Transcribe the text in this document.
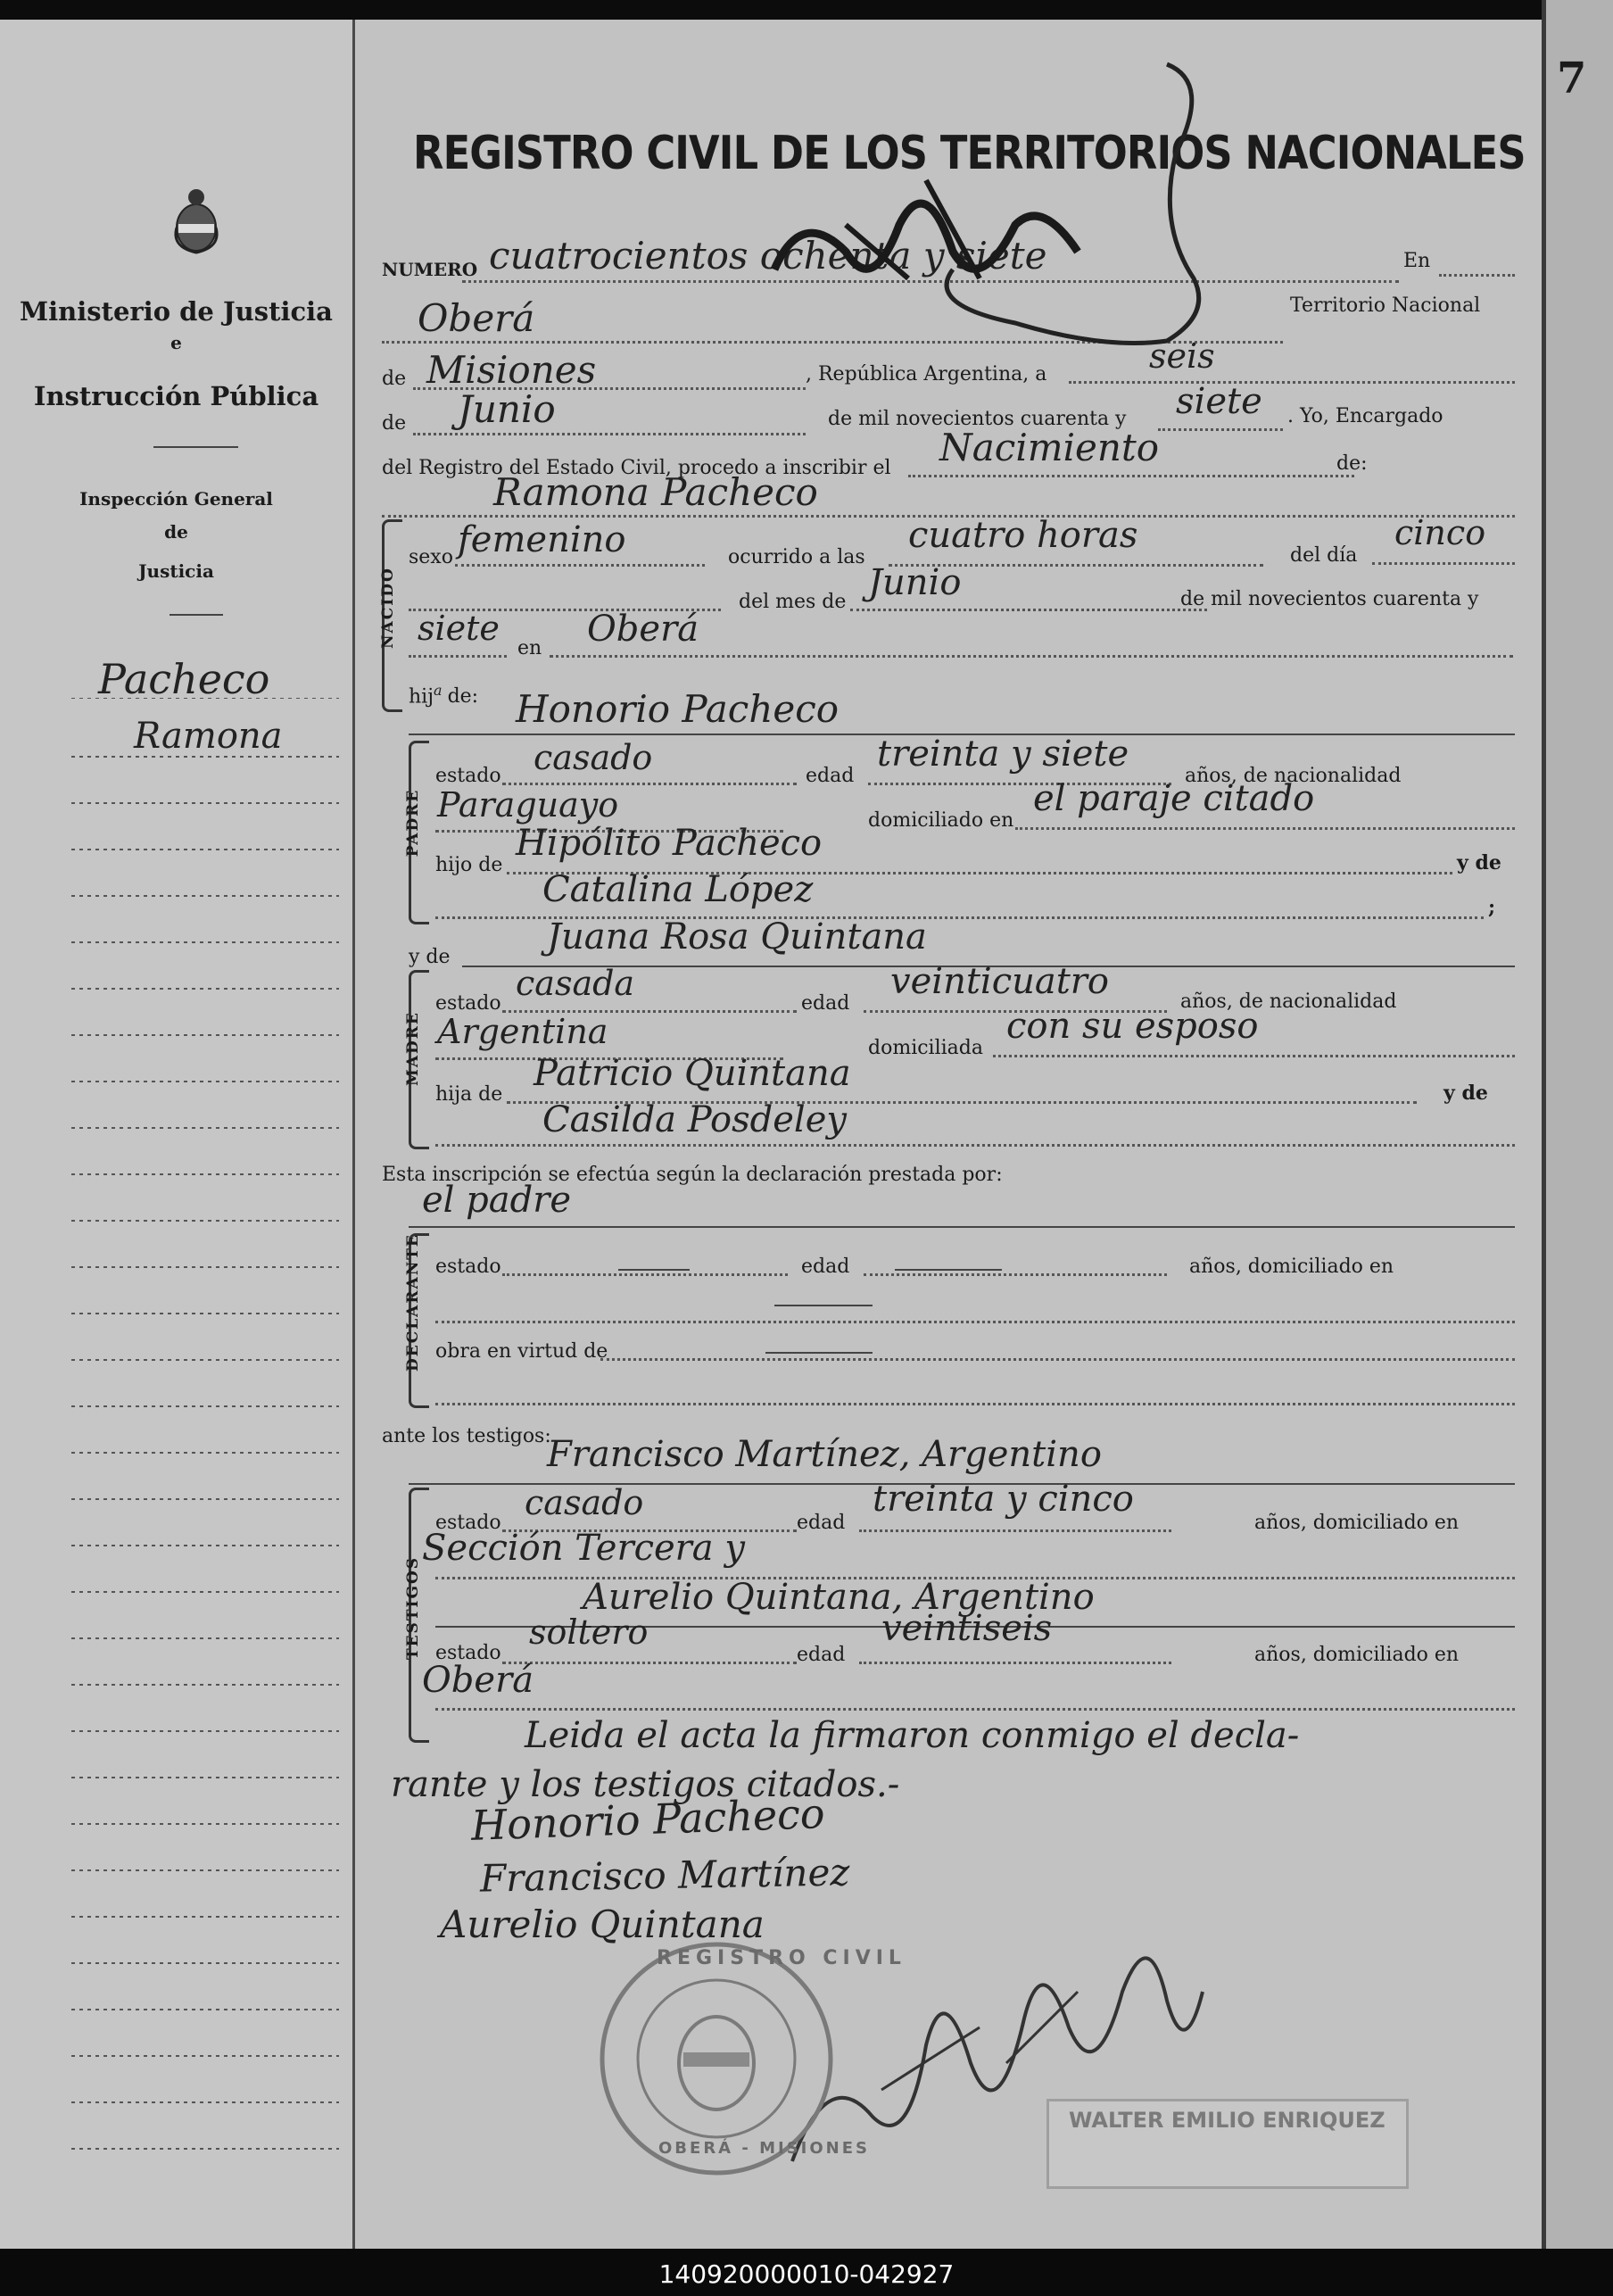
Ministerio de Justicia
e
Instrucción Pública
Inspección General
de
Justicia
Pacheco
Ramona
REGISTRO CIVIL DE LOS TERRITORIOS NACIONALES
NUMERO cuatrocientos ochenta y siete	En
Oberá	Territorio Nacional
de Misiones	, República Argentina, a	seis
de Junio	de mil novecientos cuarenta y siete . Yo, Encargado
del Registro del Estado Civil, procedo a inscribir el Nacimiento	de:
Ramona Pacheco
NACIDO
sexo femenino	ocurrido a las
cuatro horas	del día
cinco
del mes de Junio	de mil novecientos cuarenta y
siete
en Oberá
hij$^a$ de: Honorio Pacheco
PADRE
estado casado	edad
treinta y siete
años, de nacionalidad
Paraguayo	domiciliado en
el paraje citado
hijo de
Hipólito Pacheco	y de
Catalina López	;
y de	Juana Rosa Quintana
MADRE
estado
casada
edad
veinticuatro	años, de nacionalidad
Argentina	domiciliada
con su esposo
hija de
Patricio Quintana	y de
Casilda Posdeley
Esta inscripción se efectúa según la declaración prestada por:
el padre
DECLARANTE estado	edad	años, domiciliado en
obra en virtud de
ante los testigos:
Francisco Martínez, Argentino
TESTIGOS
estado
casado
edad
treinta y cinco
años, domiciliado en
Sección Tercera y
Aurelio Quintana, Argentino
estado
soltero
edad
veintiseis
años, domiciliado en
Oberá
Leida el acta la firmaron conmigo el decla-
rante y los testigos citados.-
Honorio Pacheco
Francisco Martínez
Aurelio Quintana
REGISTRO CIVIL
OBERÁ - MISIONES
WALTER EMILIO ENRIQUEZ
7
140920000010-042927
